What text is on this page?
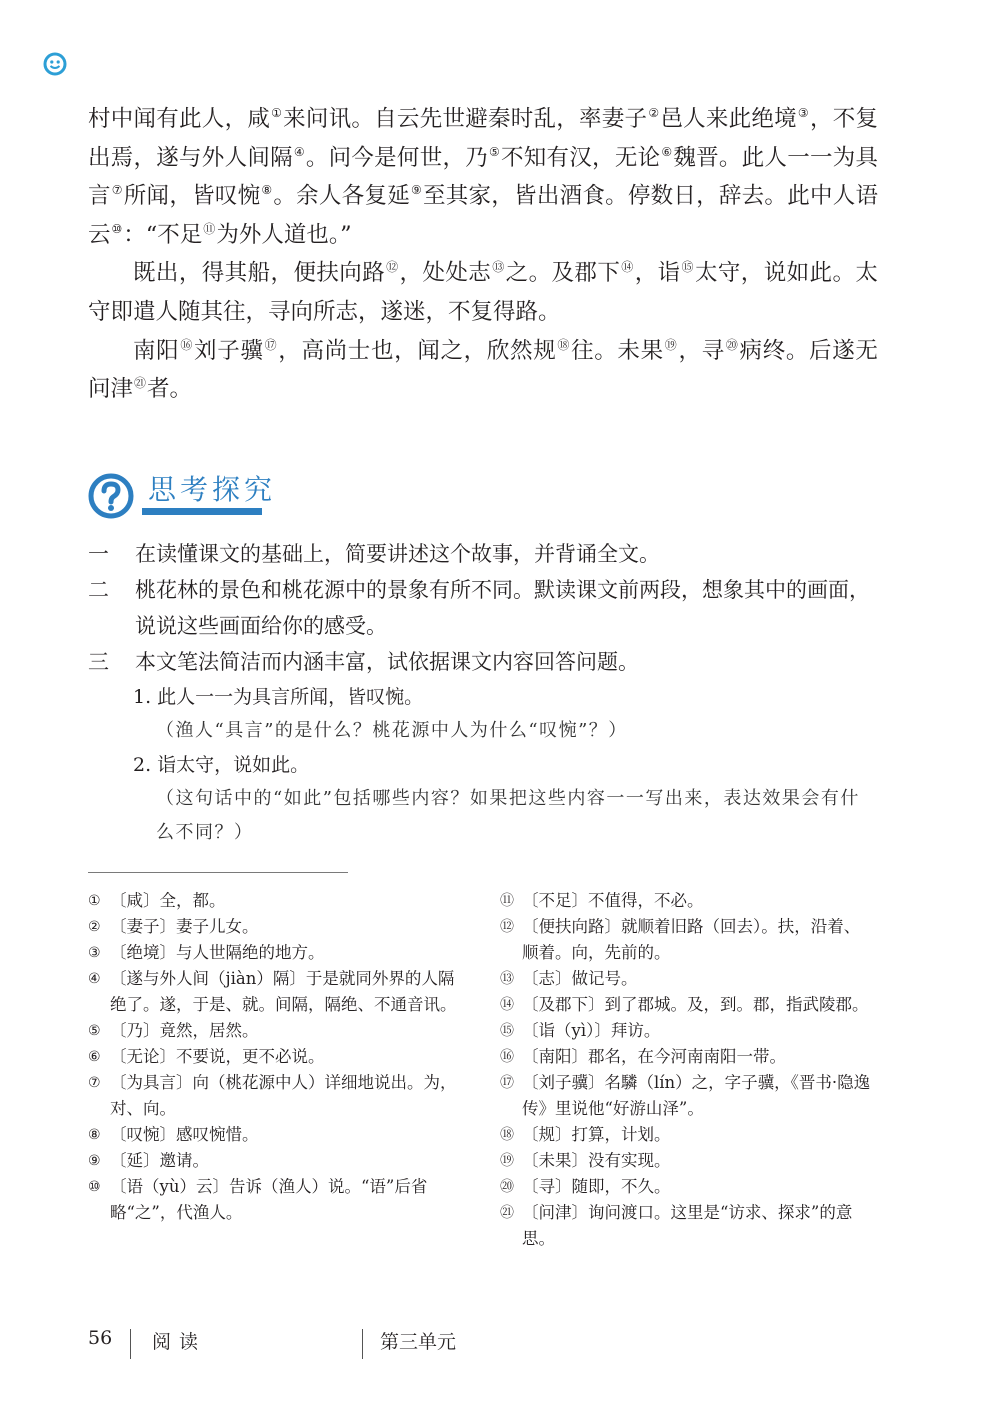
村中闻有此人，咸①来问讯。自云先世避秦时乱，率妻子②邑人来此绝境③，不复出焉，遂与外人间隔④。问今是何世，乃⑤不知有汉，无论⑥魏晋。此人一一为具言⑦所闻，皆叹惋⑧。余人各复延⑨至其家，皆出酒食。停数日，辞去。此中人语云⑩：“不足⑪为外人道也。”

既出，得其船，便扶向路⑫，处处志⑬之。及郡下⑭，诣⑮太守，说如此。太守即遣人随其往，寻向所志，遂迷，不复得路。

南阳⑯刘子骥⑰，高尚士也，闻之，欣然规⑱往。未果⑲，寻⑳病终。后遂无问津$^㉑$者。

思考探究
一	在读懂课文的基础上，简要讲述这个故事，并背诵全文。
二	桃花林的景色和桃花源中的景象有所不同。默读课文前两段，想象其中的画面，说说这些画面给你的感受。
三	本文笔法简洁而内涵丰富，试依据课文内容回答问题。
1. 此人一一为具言所闻，皆叹惋。
（渔人“具言”的是什么？桃花源中人为什么“叹惋”？）
2. 诣太守，说如此。
（这句话中的“如此”包括哪些内容？如果把这些内容一一写出来，表达效果会有什么不同？）
① 〔咸〕全，都。
② 〔妻子〕妻子儿女。
③ 〔绝境〕与人世隔绝的地方。
④ 〔遂与外人间（jiàn）隔〕于是就同外界的人隔绝了。遂，于是、就。间隔，隔绝、不通音讯。
⑤ 〔乃〕竟然，居然。
⑥ 〔无论〕不要说，更不必说。
⑦ 〔为具言〕向（桃花源中人）详细地说出。为，对、向。
⑧ 〔叹惋〕感叹惋惜。
⑨ 〔延〕邀请。
⑩ 〔语（yù）云〕告诉（渔人）说。“语”后省略“之”，代渔人。
⑪ 〔不足〕不值得，不必。
⑫ 〔便扶向路〕就顺着旧路（回去）。扶，沿着、顺着。向，先前的。
⑬ 〔志〕做记号。
⑭ 〔及郡下〕到了郡城。及，到。郡，指武陵郡。
⑮ 〔诣（yì）〕拜访。
⑯ 〔南阳〕郡名，在今河南南阳一带。
⑰ 〔刘子骥〕名驎（lín）之，字子骥，《晋书·隐逸传》里说他“好游山泽”。
⑱ 〔规〕打算，计划。
⑲ 〔未果〕没有实现。
⑳ 〔寻〕随即，不久。
㉑ 〔问津〕询问渡口。这里是“访求、探求”的意思。
56 阅读	第三单元
